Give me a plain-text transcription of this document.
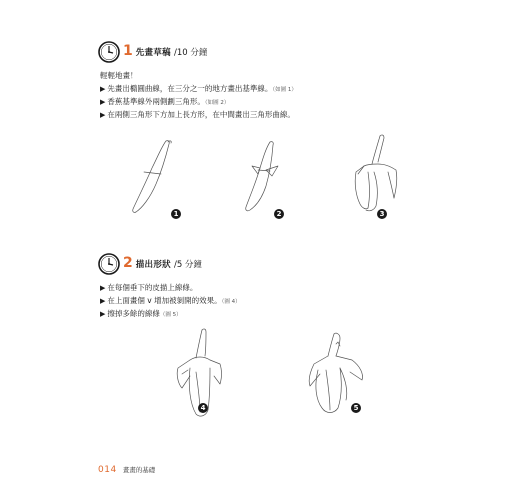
1 先畫草稿 /10 分鐘
輕輕地畫！
▶ 先畫出橢圓曲線，在三分之一的地方畫出基準線。（如圖 1）
▶ 香蕉基準線外兩側劃三角形。（如圖 2）
▶ 在兩側三角形下方加上長方形，在中間畫出三角形曲線。
1	2	3
2 描出形狀 /5 分鐘
▶ 在每個垂下的皮描上線條。
▶ 在上面畫個 v 增加被剝開的效果。（圖 4）
▶ 擦掉多餘的線條（圖 5）
4	5
014 畫畫的基礎
